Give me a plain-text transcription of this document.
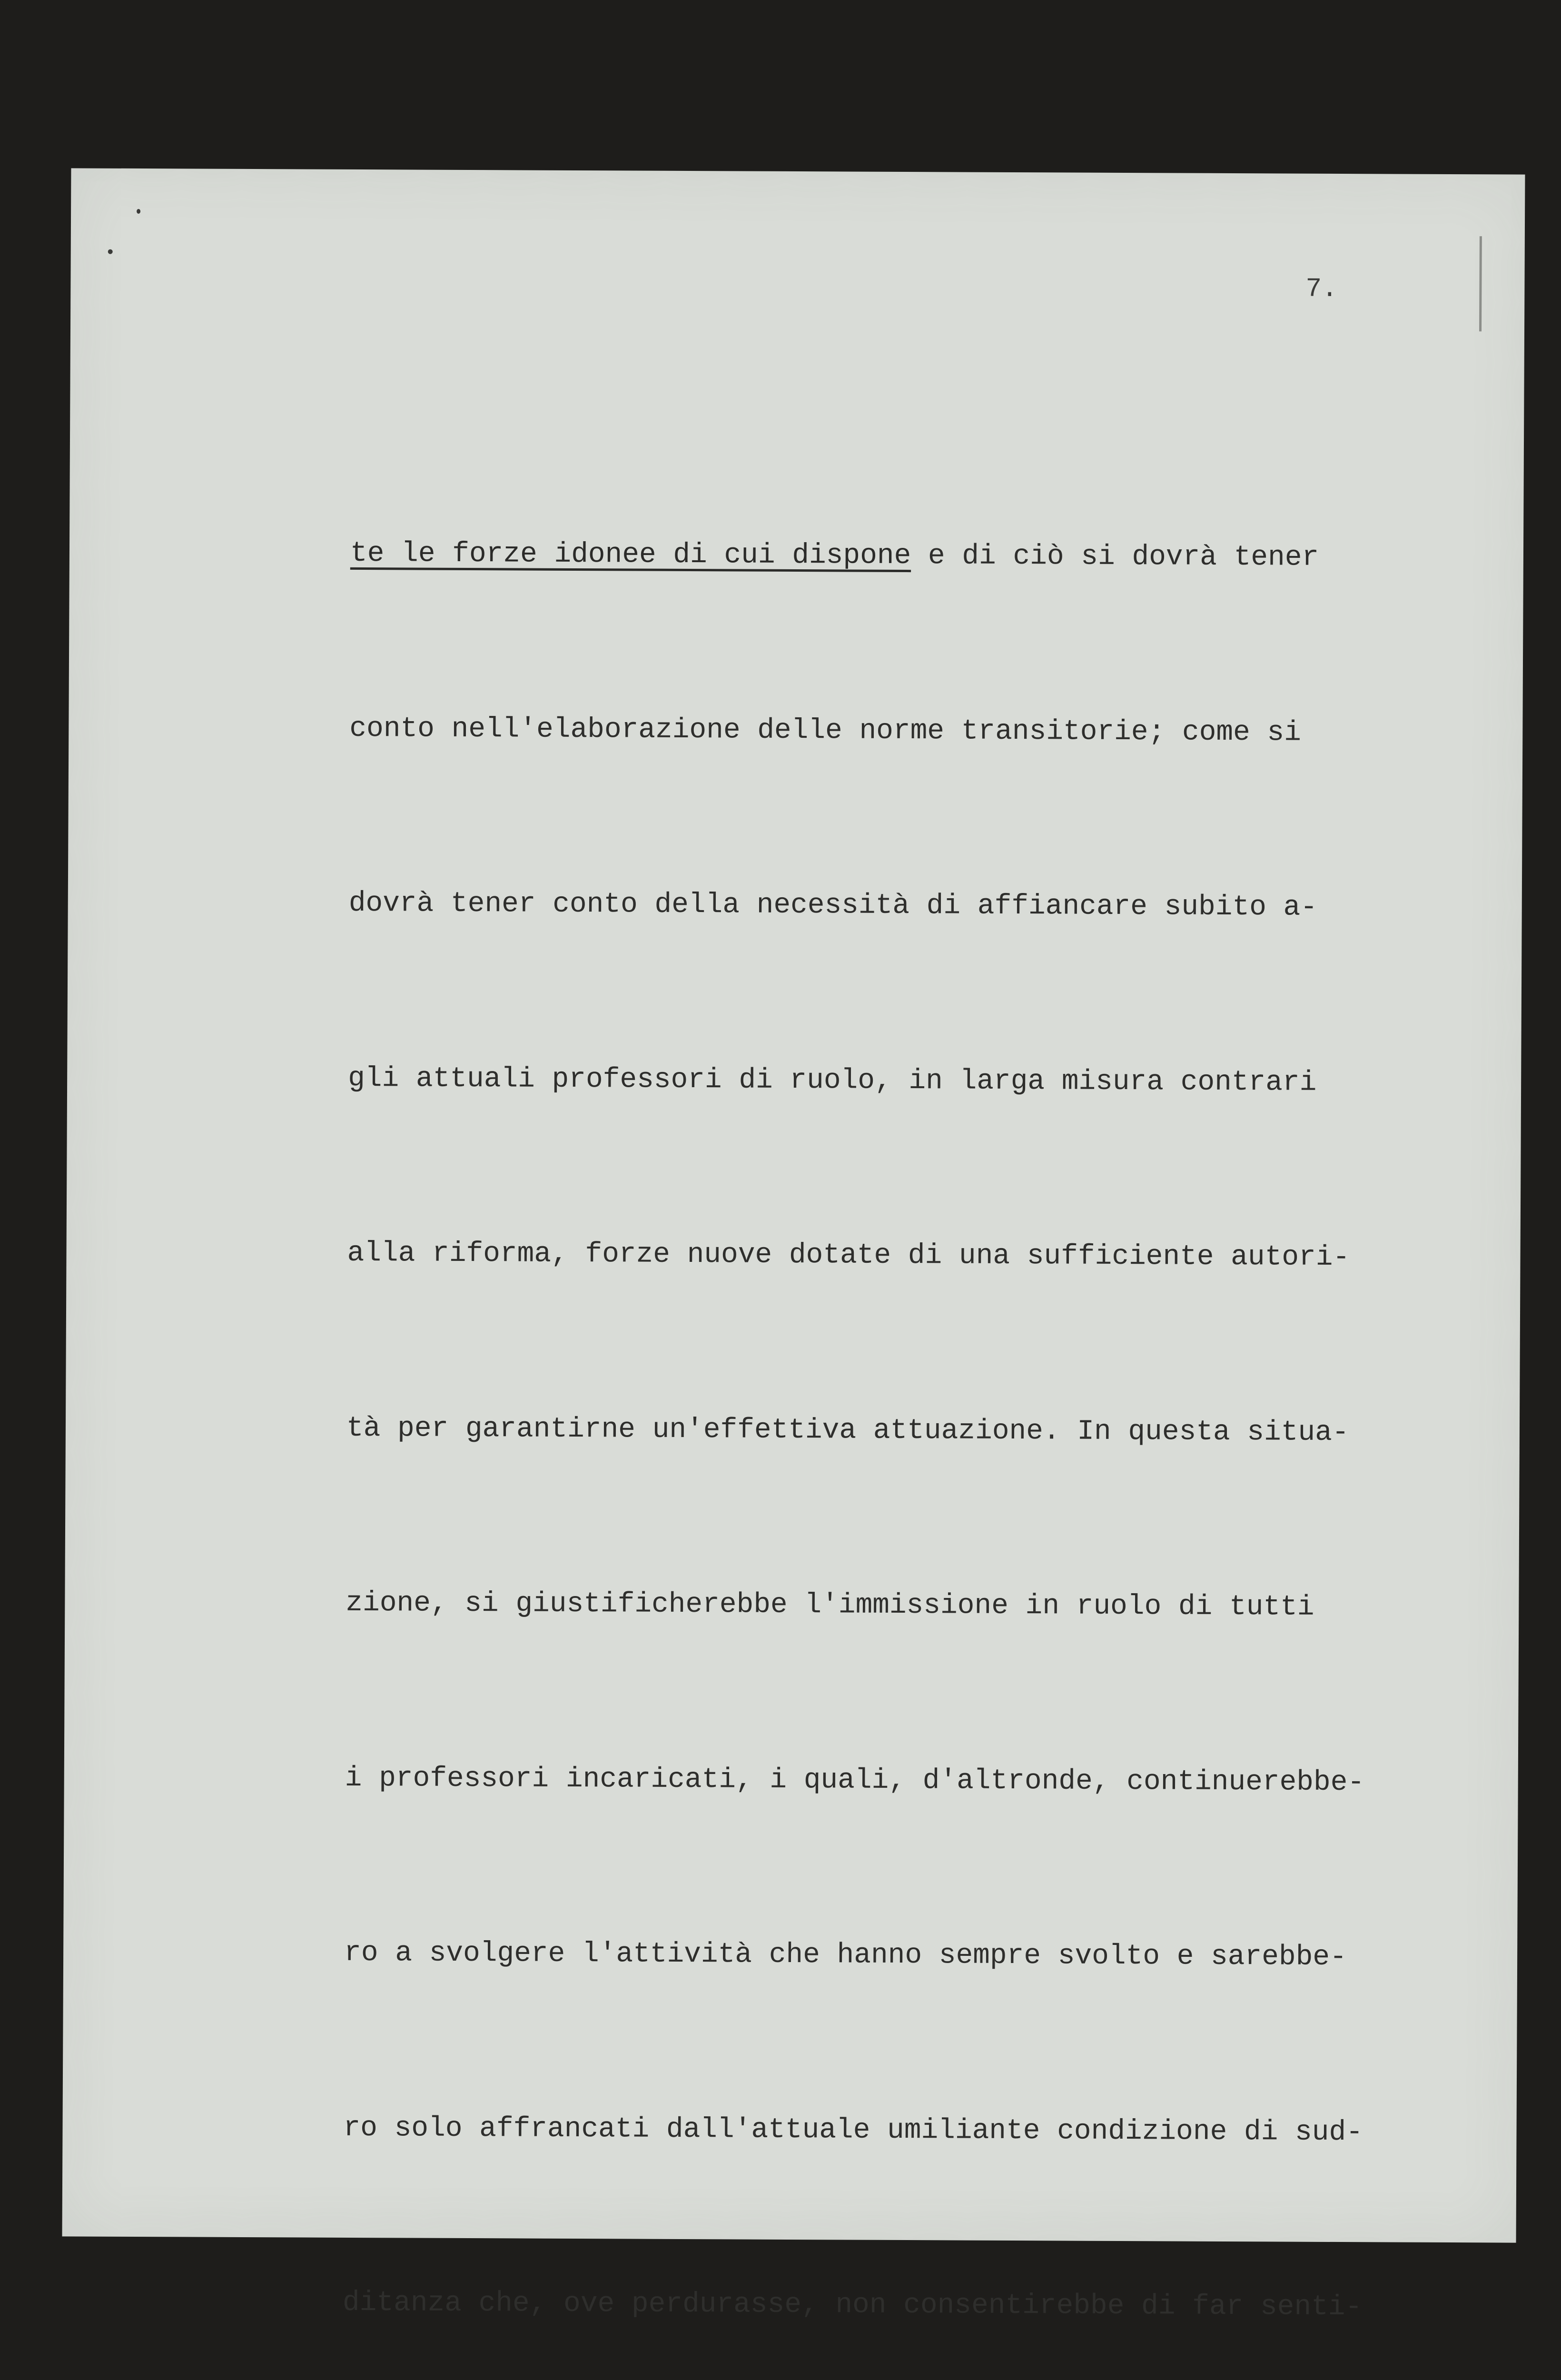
7.

te le forze idonee di cui dispone e di ciò si dovrà tener

conto nell'elaborazione delle norme transitorie; come si

dovrà tener conto della necessità di affiancare subito a-

gli attuali professori di ruolo, in larga misura contrari

alla riforma, forze nuove dotate di una sufficiente autori-

tà per garantirne un'effettiva attuazione. In questa situa-

zione, si giustificherebbe l'immissione in ruolo di tutti

i professori incaricati, i quali, d'altronde, continuerebbe-

ro a svolgere l'attività che hanno sempre svolto e sarebbe-

ro solo affrancati dall'attuale umiliante condizione di sud-

ditanza che, ove perdurasse, non consentirebbe di far senti-
